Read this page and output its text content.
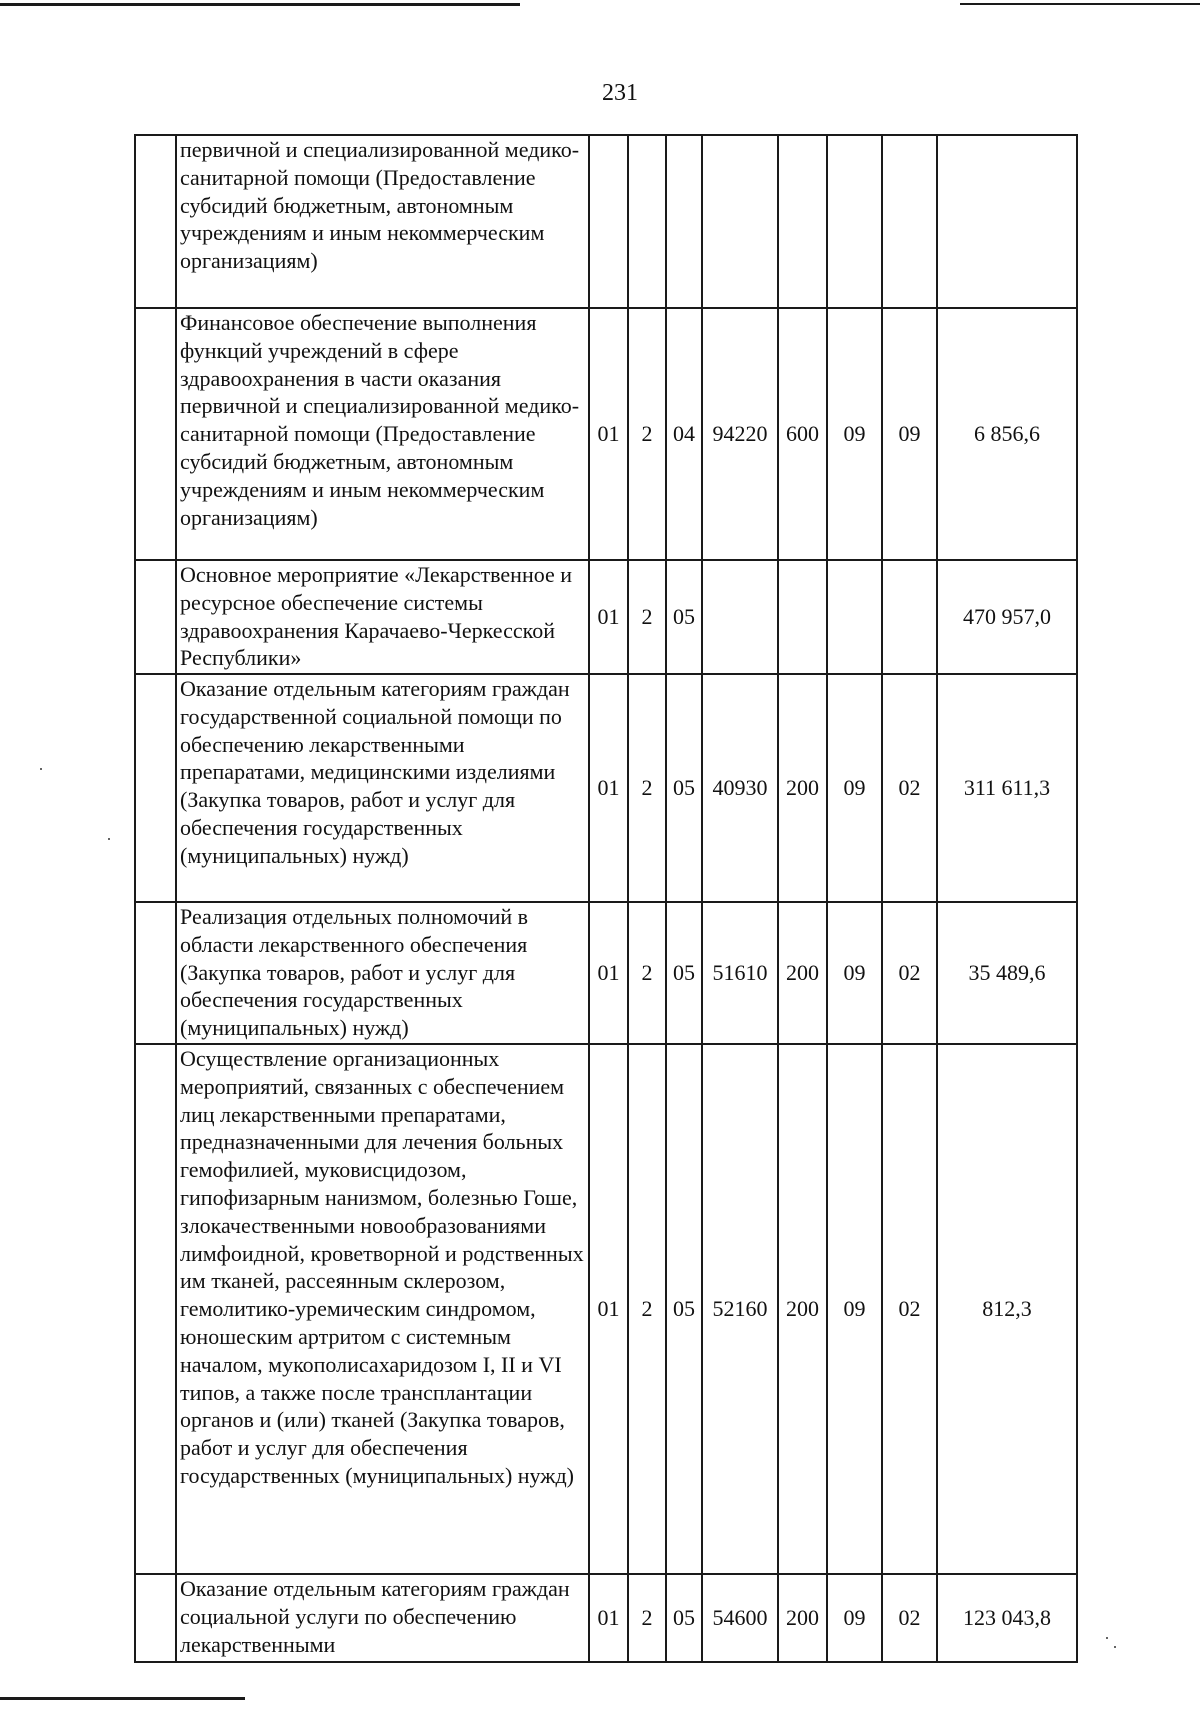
231
	первичной и специализированной медико-санитарной помощи (Предоставление субсидий бюджетным, автономным учреждениям и иным некоммерческим организациям)								
	Финансовое обеспечение выполнения функций учреждений в сфере здравоохранения в части оказания первичной и специализированной медико-санитарной помощи (Предоставление субсидий бюджетным, автономным учреждениям и иным некоммерческим организациям)	01	2	04	94220	600	09	09	6 856,6
	Основное мероприятие «Лекарственное и ресурсное обеспечение системы здравоохранения Карачаево-Черкесской Республики»	01	2	05					470 957,0
	Оказание отдельным категориям граждан государственной социальной помощи по обеспечению лекарственными препаратами, медицинскими изделиями (Закупка товаров, работ и услуг для обеспечения государственных (муниципальных) нужд)	01	2	05	40930	200	09	02	311 611,3
	Реализация отдельных полномочий в области лекарственного обеспечения (Закупка товаров, работ и услуг для обеспечения государственных (муниципальных) нужд)	01	2	05	51610	200	09	02	35 489,6
	Осуществление организационных мероприятий, связанных с обеспечением лиц лекарственными препаратами, предназначенными для лечения больных гемофилией, муковисцидозом, гипофизарным нанизмом, болезнью Гоше, злокачественными новообразованиями лимфоидной, кроветворной и родственных им тканей, рассеянным склерозом, гемолитико-уремическим синдромом, юношеским артритом с системным началом, мукополисахаридозом I, II и VI типов, а также после трансплантации органов и (или) тканей (Закупка товаров, работ и услуг для обеспечения государственных (муниципальных) нужд)	01	2	05	52160	200	09	02	812,3
	Оказание отдельным категориям граждан социальной услуги по обеспечению лекарственными	01	2	05	54600	200	09	02	123 043,8
